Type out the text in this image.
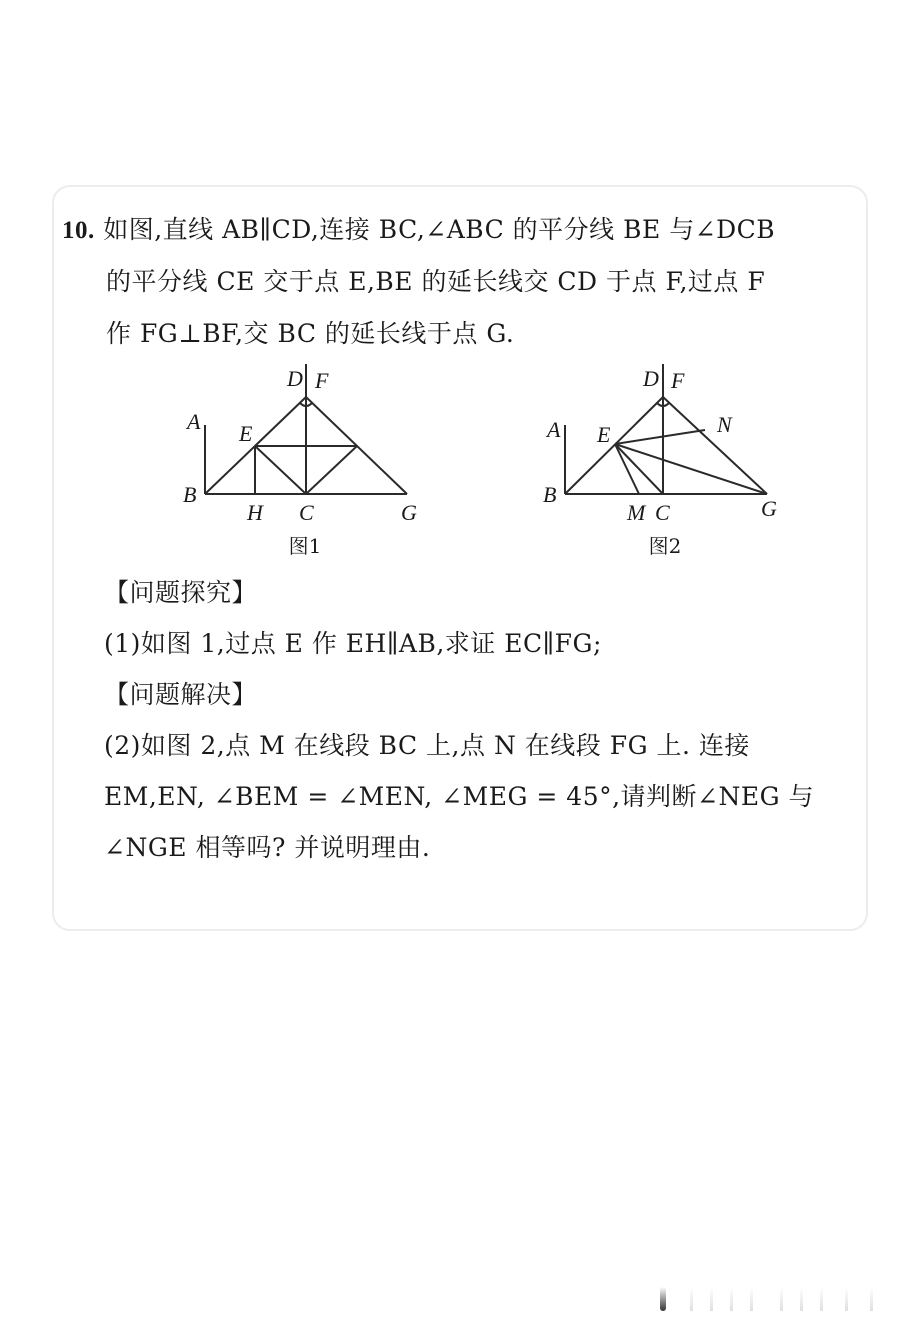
10. 如图,直线 AB∥CD,连接 BC,∠ABC 的平分线 BE 与∠DCB
的平分线 CE 交于点 E,BE 的延长线交 CD 于点 F,过点 F
作 FG⊥BF,交 BC 的延长线于点 G.
A
B
E
D F
H C	G
图1
A
B
E
D F
N
M C	G
图2
【问题探究】
(1)如图 1,过点 E 作 EH∥AB,求证 EC∥FG;
【问题解决】
(2)如图 2,点 M 在线段 BC 上,点 N 在线段 FG 上. 连接
EM,EN, ∠BEM = ∠MEN, ∠MEG = 45°,请判断∠NEG 与
∠NGE 相等吗? 并说明理由.
